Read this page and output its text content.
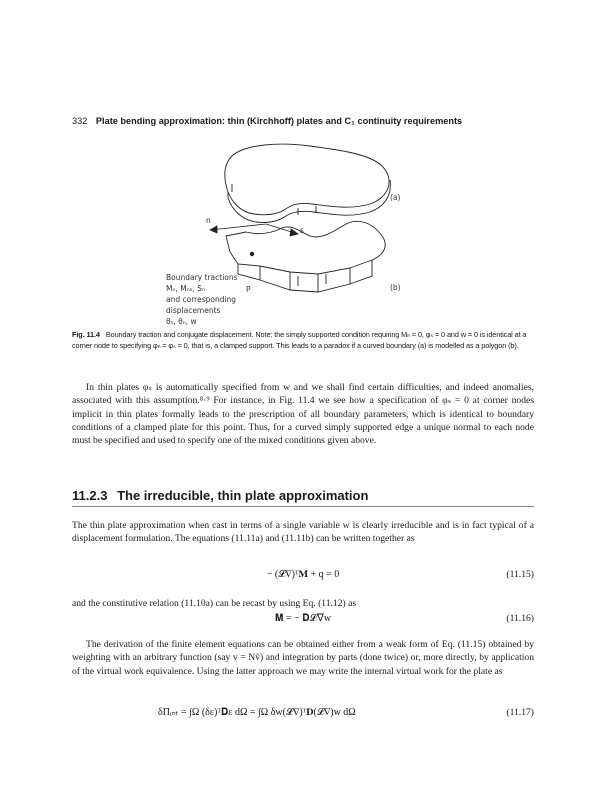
332 Plate bending approximation: thin (Kirchhoff) plates and C₁ continuity requirements
(a)
n
s
P	(b)
Boundary tractions
Mₙ, Mₙₛ, Sₙ
and corresponding
displacements
θₛ, θₙ, w
Fig. 11.4 Boundary traction and conjugate displacement. Note: the simply supported condition requiring Mₙ = 0, φₛ = 0 and w = 0 is identical at a corner node to specifying φₙ = φₛ = 0, that is, a clamped support. This leads to a paradox if a curved boundary (a) is modelled as a polygon (b).

In thin plates φₛ is automatically specified from w and we shall find certain difficulties, and indeed anomalies, associated with this assumption.⁸·⁹ For instance, in Fig. 11.4 we see how a specification of φₛ = 0 at corner nodes implicit in thin plates formally leads to the prescription of all boundary parameters, which is identical to boundary conditions of a clamped plate for this point. Thus, for a curved simply supported edge a unique normal to each node must be specified and used to specify one of the mixed conditions given above.

11.2.3 The irreducible, thin plate approximation

The thin plate approximation when cast in terms of a single variable w is clearly irreducible and is in fact typical of a displacement formulation. The equations (11.11a) and (11.11b) can be written together as

− (𝓛∇)ᵀ𝐌 + q = 0	(11.15)

and the constitutive relation (11.10a) can be recast by using Eq. (11.12) as

𝐌 = − 𝐃𝓛∇w	(11.16)

The derivation of the finite element equations can be obtained either from a weak form of Eq. (11.15) obtained by weighting with an arbitrary function (say v = Nṽ) and integration by parts (done twice) or, more directly, by application of the virtual work equivalence. Using the latter approach we may write the internal virtual work for the plate as

δΠᵢₙₜ = ∫Ω (δε)ᵀ𝐃ε dΩ = ∫Ω δw(𝓛∇)ᵀ𝐃(𝓛∇)w dΩ	(11.17)
